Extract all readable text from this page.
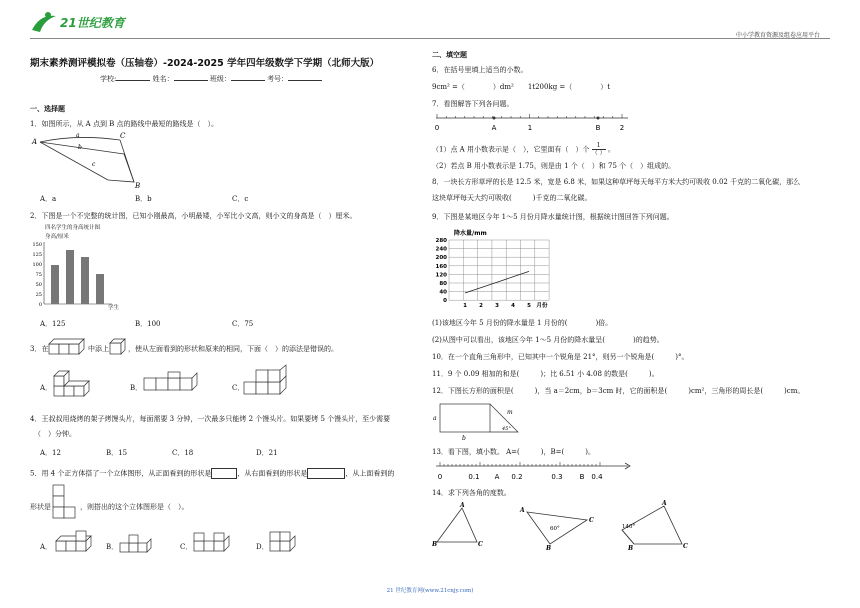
21世纪教育
中小学教育资源及组卷应用平台
期末素养测评模拟卷（压轴卷）-2024-2025 学年四年级数学下学期（北师大版）
学校:	姓名：	班级：	考号：
一、选择题
1．如图所示，从 A 点到 B 点的路线中最短的路线是（　）。
A
a
b
c
C
B
A．a	B．b	C．c
2．下图是一个不完整的统计图，已知小刚最高，小明最矮，小军比小文高，则小文的身高是（　）厘米。
四名学生的身高统计图
身高/厘米
150
125
100
75
50
25
0	学生
A．125	B．100	C．75
3．在	中添上	，使从左面看到的形状和原来的相同，下面（　）的添法是错误的。
A．	B．	C．
4．王叔叔用烧烤的架子烤馒头片，每面需要 3 分钟，一次最多只能烤 2 个馒头片。如果要烤 5 个馒头片，至少需要
（　）分钟。
A．12	B．15	C．18	D．21
5．用 4 个正方体搭了一个立体图形，从正面看到的形状是	，从右面看到的形状是	，从上面看到的
形状是	，则搭出的这个立体图形是（　）。
A．	B．	C．	D．
二、填空题
6．在括号里填上适当的小数。
9cm² =（　　　　）dm²　　1t200kg =（　　　　）t
7．看图解答下列各问题。
0	A	1	B	2
（1）点 A 用小数表示是（　），它里面有（　）个	1
（ ） 。
（2）若点 B 用小数表示是 1.75，则是由 1 个（　）和 75 个（　）组成的。
8．一块长方形草坪的长是 12.5 米，宽是 6.8 米，如果这种草坪每天每平方米大约可吸收 0.02 千克的二氧化碳，那么
这块草坪每天大约可吸收(　　　)千克的二氧化碳。
9．下图是某地区今年 1～5 月份月降水量统计图，根据统计图回答下列问题。
降水量/mm
280
240
200
160
120
80
40
0
1 2 3 4 5 月份
(1)该地区今年 5 月份的降水量是 1 月份的(　　　　)倍。
(2)从图中可以看出，该地区今年 1～5 月份的降水量呈(　　　　)的趋势。
10．在一个直角三角形中，已知其中一个锐角是 21°，则另一个锐角是(　　　)°。
11．9 个 0.09 相加的和是(　　　)；比 6.51 小 4.08 的数是(　　　)。
12．下图长方形的面积是(　　　)，当 a＝2cm，b＝3cm 时，它的面积是(　　　)cm²，三角形的周长是(　　　)cm。
a
b
m
45°
13．看下图，填小数。 A=(　　　)，B=(　　　)。
0	0.1 A 0.2	0.3 B 0.4
14．求下列各角的度数。
B
A
C
A
B
C
B
A
C
60°	140°
21 世纪教育网(www.21cnjy.com)
